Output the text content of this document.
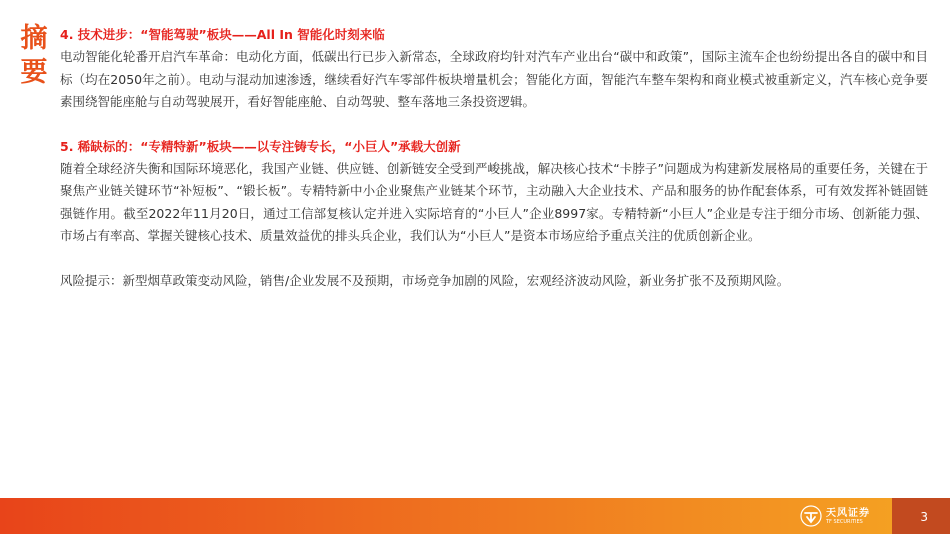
摘
要

4. 技术进步：“智能驾驶”板块——All In 智能化时刻来临

电动智能化轮番开启汽车革命：电动化方面，低碳出行已步入新常态，全球政府均针对汽车产业出台“碳中和政策”，国际主流车企也纷纷提出各自的碳中和目标（均在2050年之前）。电动与混动加速渗透，继续看好汽车零部件板块增量机会；智能化方面，智能汽车整车架构和商业模式被重新定义，汽车核心竞争要素围绕智能座舱与自动驾驶展开，看好智能座舱、自动驾驶、整车落地三条投资逻辑。

5. 稀缺标的：“专精特新”板块——以专注铸专长，“小巨人”承载大创新

随着全球经济失衡和国际环境恶化，我国产业链、供应链、创新链安全受到严峻挑战，解决核心技术“卡脖子”问题成为构建新发展格局的重要任务，关键在于聚焦产业链关键环节“补短板”、“锻长板”。专精特新中小企业聚焦产业链某个环节，主动融入大企业技术、产品和服务的协作配套体系，可有效发挥补链固链强链作用。截至2022年11月20日，通过工信部复核认定并进入实际培育的“小巨人”企业8997家。专精特新“小巨人”企业是专注于细分市场、创新能力强、市场占有率高、掌握关键核心技术、质量效益优的排头兵企业，我们认为“小巨人”是资本市场应给予重点关注的优质创新企业。

风险提示：新型烟草政策变动风险，销售/企业发展不及预期，市场竞争加剧的风险，宏观经济波动风险，新业务扩张不及预期风险。

天风证券
TF SECURITIES	3
